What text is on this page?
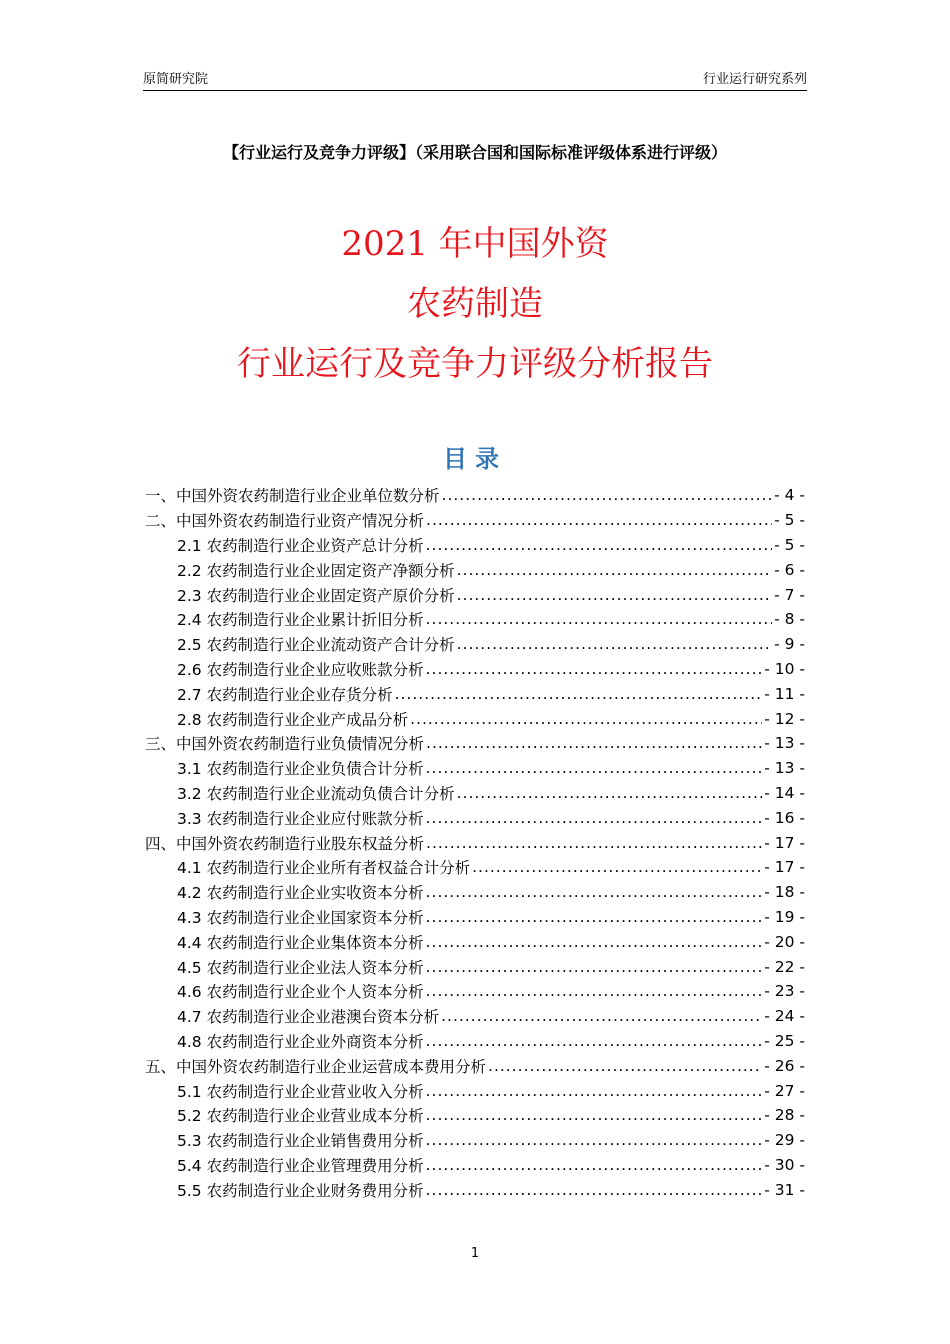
原简研究院	行业运行研究系列
【行业运行及竞争力评级】（采用联合国和国际标准评级体系进行评级）
2021 年中国外资
农药制造
行业运行及竞争力评级分析报告
目录
一、中国外资农药制造行业企业单位数分析 .....	- 4 -
二、中国外资农药制造行业资产情况分析 .....	- 5 -
2.1 农药制造行业企业资产总计分析 .....	- 5 -
2.2 农药制造行业企业固定资产净额分析 .....	- 6 -
2.3 农药制造行业企业固定资产原价分析 .....	- 7 -
2.4 农药制造行业企业累计折旧分析 .....	- 8 -
2.5 农药制造行业企业流动资产合计分析 .....	- 9 -
2.6 农药制造行业企业应收账款分析 .....	- 10 -
2.7 农药制造行业企业存货分析 .....	- 11 -
2.8 农药制造行业企业产成品分析 .....	- 12 -
三、中国外资农药制造行业负债情况分析 .....	- 13 -
3.1 农药制造行业企业负债合计分析 .....	- 13 -
3.2 农药制造行业企业流动负债合计分析 .....	- 14 -
3.3 农药制造行业企业应付账款分析 .....	- 16 -
四、中国外资农药制造行业股东权益分析 .....	- 17 -
4.1 农药制造行业企业所有者权益合计分析 .....	- 17 -
4.2 农药制造行业企业实收资本分析 .....	- 18 -
4.3 农药制造行业企业国家资本分析 .....	- 19 -
4.4 农药制造行业企业集体资本分析 .....	- 20 -
4.5 农药制造行业企业法人资本分析 .....	- 22 -
4.6 农药制造行业企业个人资本分析 .....	- 23 -
4.7 农药制造行业企业港澳台资本分析 .....	- 24 -
4.8 农药制造行业企业外商资本分析 .....	- 25 -
五、中国外资农药制造行业企业运营成本费用分析 .....	- 26 -
5.1 农药制造行业企业营业收入分析 .....	- 27 -
5.2 农药制造行业企业营业成本分析 .....	- 28 -
5.3 农药制造行业企业销售费用分析 .....	- 29 -
5.4 农药制造行业企业管理费用分析 .....	- 30 -
5.5 农药制造行业企业财务费用分析 .....	- 31 -
1
